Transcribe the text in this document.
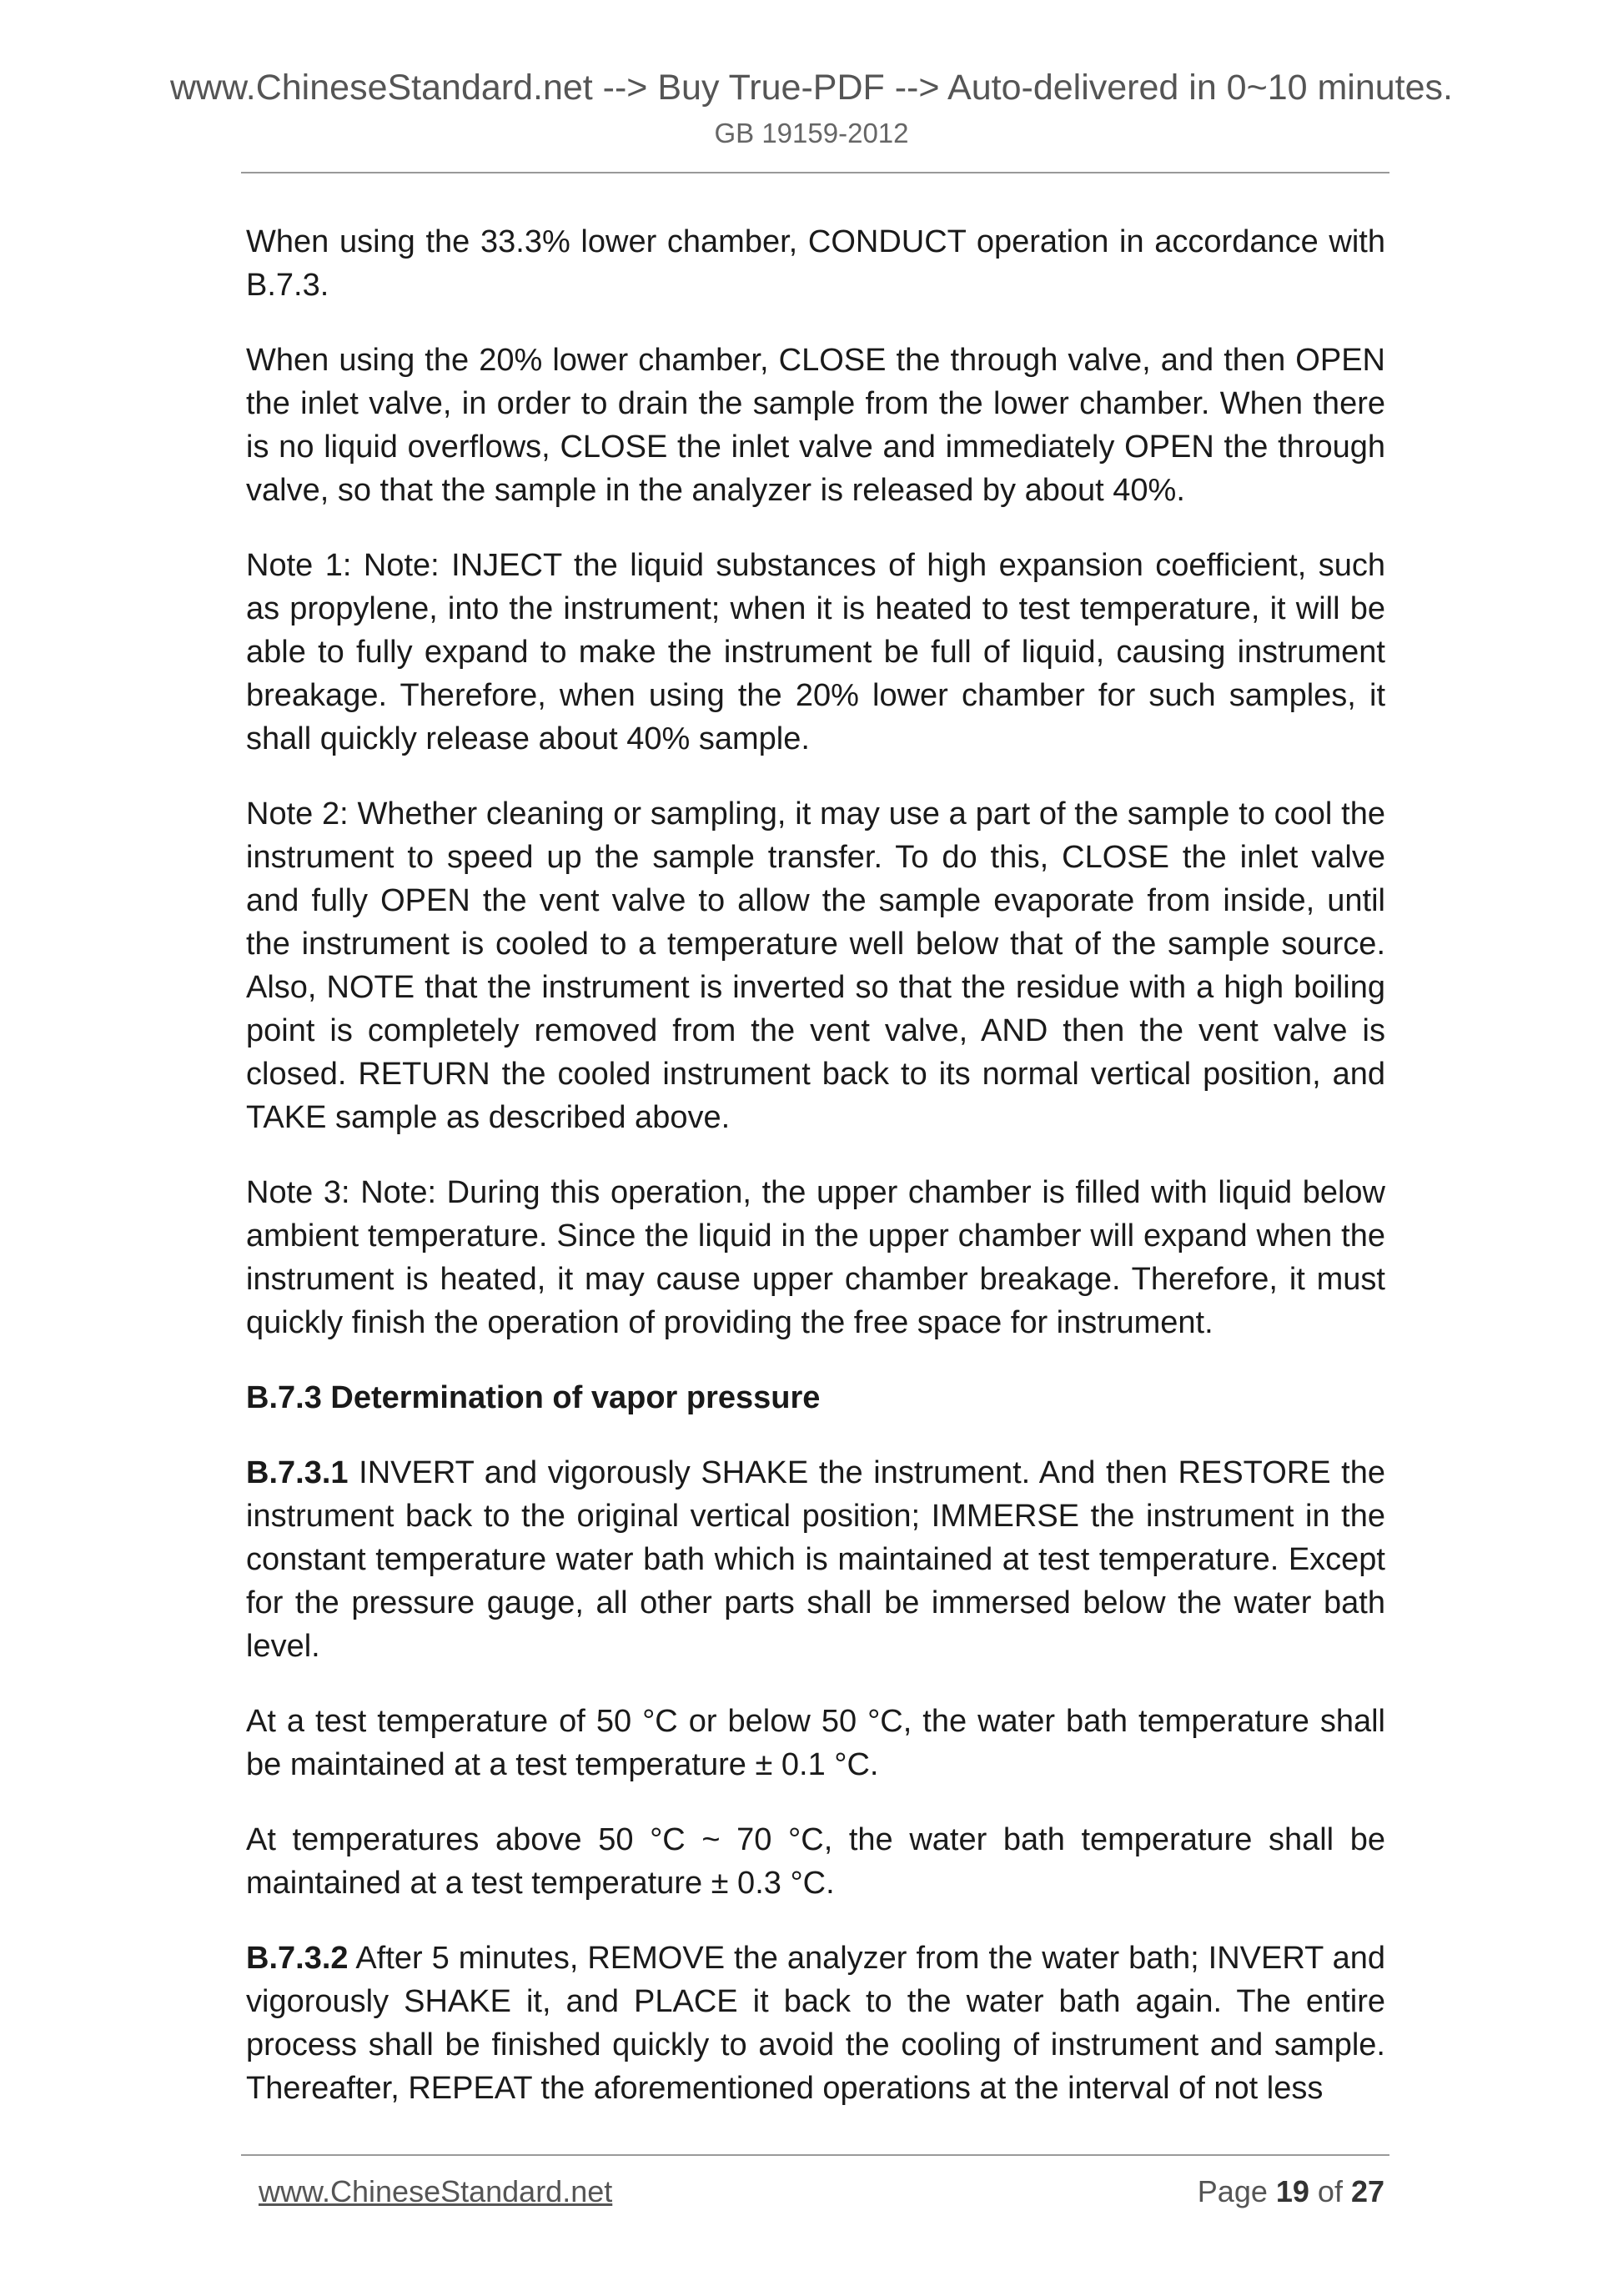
www.ChineseStandard.net --> Buy True-PDF --> Auto-delivered in 0~10 minutes.
GB 19159-2012

When using the 33.3% lower chamber, CONDUCT operation in accordance with B.7.3.

When using the 20% lower chamber, CLOSE the through valve, and then OPEN the inlet valve, in order to drain the sample from the lower chamber. When there is no liquid overflows, CLOSE the inlet valve and immediately OPEN the through valve, so that the sample in the analyzer is released by about 40%.

Note 1: Note: INJECT the liquid substances of high expansion coefficient, such as propylene, into the instrument; when it is heated to test temperature, it will be able to fully expand to make the instrument be full of liquid, causing instrument breakage. Therefore, when using the 20% lower chamber for such samples, it shall quickly release about 40% sample.

Note 2: Whether cleaning or sampling, it may use a part of the sample to cool the instrument to speed up the sample transfer. To do this, CLOSE the inlet valve and fully OPEN the vent valve to allow the sample evaporate from inside, until the instrument is cooled to a temperature well below that of the sample source. Also, NOTE that the instrument is inverted so that the residue with a high boiling point is completely removed from the vent valve, AND then the vent valve is closed. RETURN the cooled instrument back to its normal vertical position, and TAKE sample as described above.

Note 3: Note: During this operation, the upper chamber is filled with liquid below ambient temperature. Since the liquid in the upper chamber will expand when the instrument is heated, it may cause upper chamber breakage. Therefore, it must quickly finish the operation of providing the free space for instrument.

B.7.3 Determination of vapor pressure

B.7.3.1 INVERT and vigorously SHAKE the instrument. And then RESTORE the instrument back to the original vertical position; IMMERSE the instrument in the constant temperature water bath which is maintained at test temperature. Except for the pressure gauge, all other parts shall be immersed below the water bath level.

At a test temperature of 50 °C or below 50 °C, the water bath temperature shall be maintained at a test temperature ± 0.1 °C.

At temperatures above 50 °C ~ 70 °C, the water bath temperature shall be maintained at a test temperature ± 0.3 °C.

B.7.3.2 After 5 minutes, REMOVE the analyzer from the water bath; INVERT and vigorously SHAKE it, and PLACE it back to the water bath again. The entire process shall be finished quickly to avoid the cooling of instrument and sample. Thereafter, REPEAT the aforementioned operations at the interval of not less

www.ChineseStandard.net	Page 19 of 27
